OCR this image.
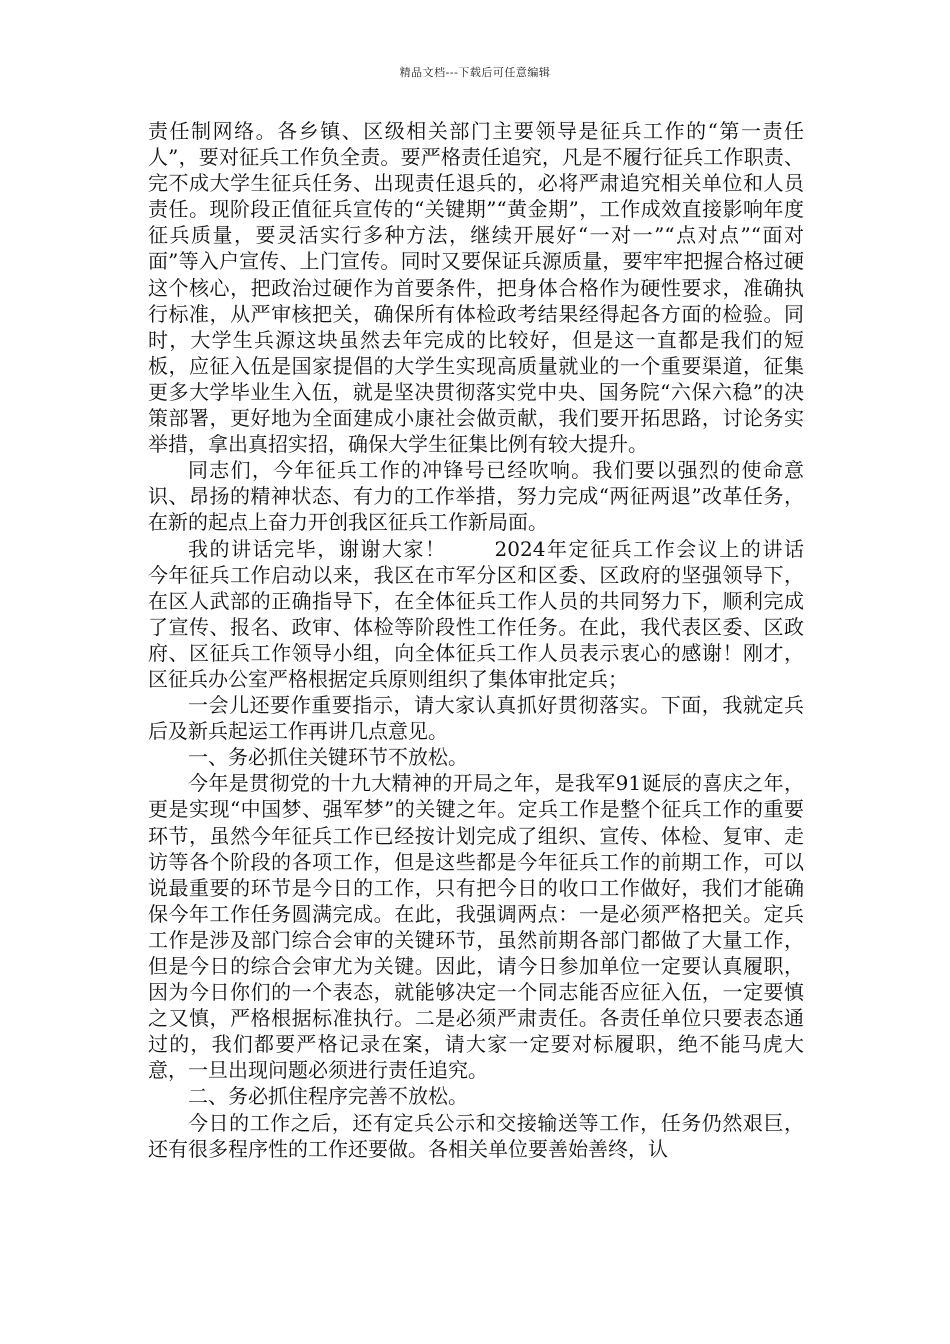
精品文档---下载后可任意编辑

责任制网络。各乡镇、区级相关部门主要领导是征兵工作的“第一责任人”，要对征兵工作负全责。要严格责任追究，凡是不履行征兵工作职责、完不成大学生征兵任务、出现责任退兵的，必将严肃追究相关单位和人员责任。现阶段正值征兵宣传的“关键期”“黄金期”，工作成效直接影响年度征兵质量，要灵活实行多种方法，继续开展好“一对一”“点对点”“面对面”等入户宣传、上门宣传。同时又要保证兵源质量，要牢牢把握合格过硬这个核心，把政治过硬作为首要条件，把身体合格作为硬性要求，准确执行标准，从严审核把关，确保所有体检政考结果经得起各方面的检验。同时，大学生兵源这块虽然去年完成的比较好，但是这一直都是我们的短板，应征入伍是国家提倡的大学生实现高质量就业的一个重要渠道，征集更多大学毕业生入伍，就是坚决贯彻落实党中央、国务院“六保六稳”的决策部署，更好地为全面建成小康社会做贡献，我们要开拓思路，讨论务实举措，拿出真招实招，确保大学生征集比例有较大提升。

同志们，今年征兵工作的冲锋号已经吹响。我们要以强烈的使命意识、昂扬的精神状态、有力的工作举措，努力完成“两征两退”改革任务，在新的起点上奋力开创我区征兵工作新局面。

我的讲话完毕，谢谢大家！ 2024年定征兵工作会议上的讲话　今年征兵工作启动以来，我区在市军分区和区委、区政府的坚强领导下，在区人武部的正确指导下，在全体征兵工作人员的共同努力下，顺利完成了宣传、报名、政审、体检等阶段性工作任务。在此，我代表区委、区政府、区征兵工作领导小组，向全体征兵工作人员表示衷心的感谢！刚才，区征兵办公室严格根据定兵原则组织了集体审批定兵；

一会儿还要作重要指示，请大家认真抓好贯彻落实。下面，我就定兵后及新兵起运工作再讲几点意见。

一、务必抓住关键环节不放松。

今年是贯彻党的十九大精神的开局之年，是我军91诞辰的喜庆之年，更是实现“中国梦、强军梦”的关键之年。定兵工作是整个征兵工作的重要环节，虽然今年征兵工作已经按计划完成了组织、宣传、体检、复审、走访等各个阶段的各项工作，但是这些都是今年征兵工作的前期工作，可以说最重要的环节是今日的工作，只有把今日的收口工作做好，我们才能确保今年工作任务圆满完成。在此，我强调两点：一是必须严格把关。定兵工作是涉及部门综合会审的关键环节，虽然前期各部门都做了大量工作，但是今日的综合会审尤为关键。因此，请今日参加单位一定要认真履职，因为今日你们的一个表态，就能够决定一个同志能否应征入伍，一定要慎之又慎，严格根据标准执行。二是必须严肃责任。各责任单位只要表态通过的，我们都要严格记录在案，请大家一定要对标履职，绝不能马虎大意，一旦出现问题必须进行责任追究。

二、务必抓住程序完善不放松。

今日的工作之后，还有定兵公示和交接输送等工作，任务仍然艰巨，还有很多程序性的工作还要做。各相关单位要善始善终，认
